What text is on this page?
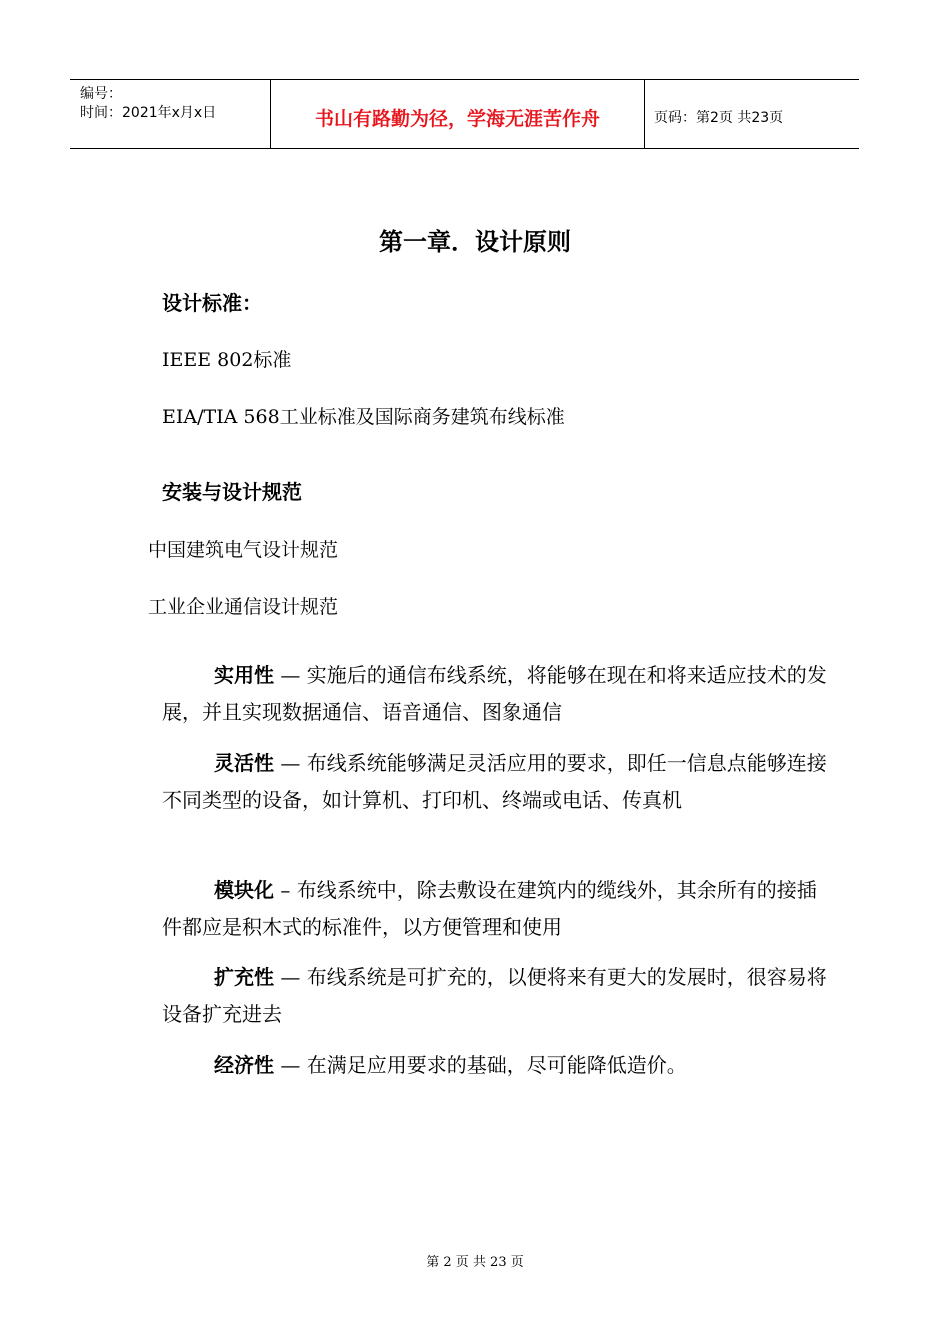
编号：
时间：2021年x月x日	书山有路勤为径，学海无涯苦作舟	页码：第2页 共23页
第一章．设计原则
设计标准：
IEEE 802标准
EIA/TIA 568工业标准及国际商务建筑布线标准
安装与设计规范
中国建筑电气设计规范
工业企业通信设计规范

实用性 — 实施后的通信布线系统，将能够在现在和将来适应技术的发展，并且实现数据通信、语音通信、图象通信

灵活性 — 布线系统能够满足灵活应用的要求，即任一信息点能够连接不同类型的设备，如计算机、打印机、终端或电话、传真机

模块化 – 布线系统中，除去敷设在建筑内的缆线外，其余所有的接插件都应是积木式的标准件，以方便管理和使用

扩充性 — 布线系统是可扩充的，以便将来有更大的发展时，很容易将设备扩充进去

经济性 — 在满足应用要求的基础，尽可能降低造价。

第 2 页 共 23 页
